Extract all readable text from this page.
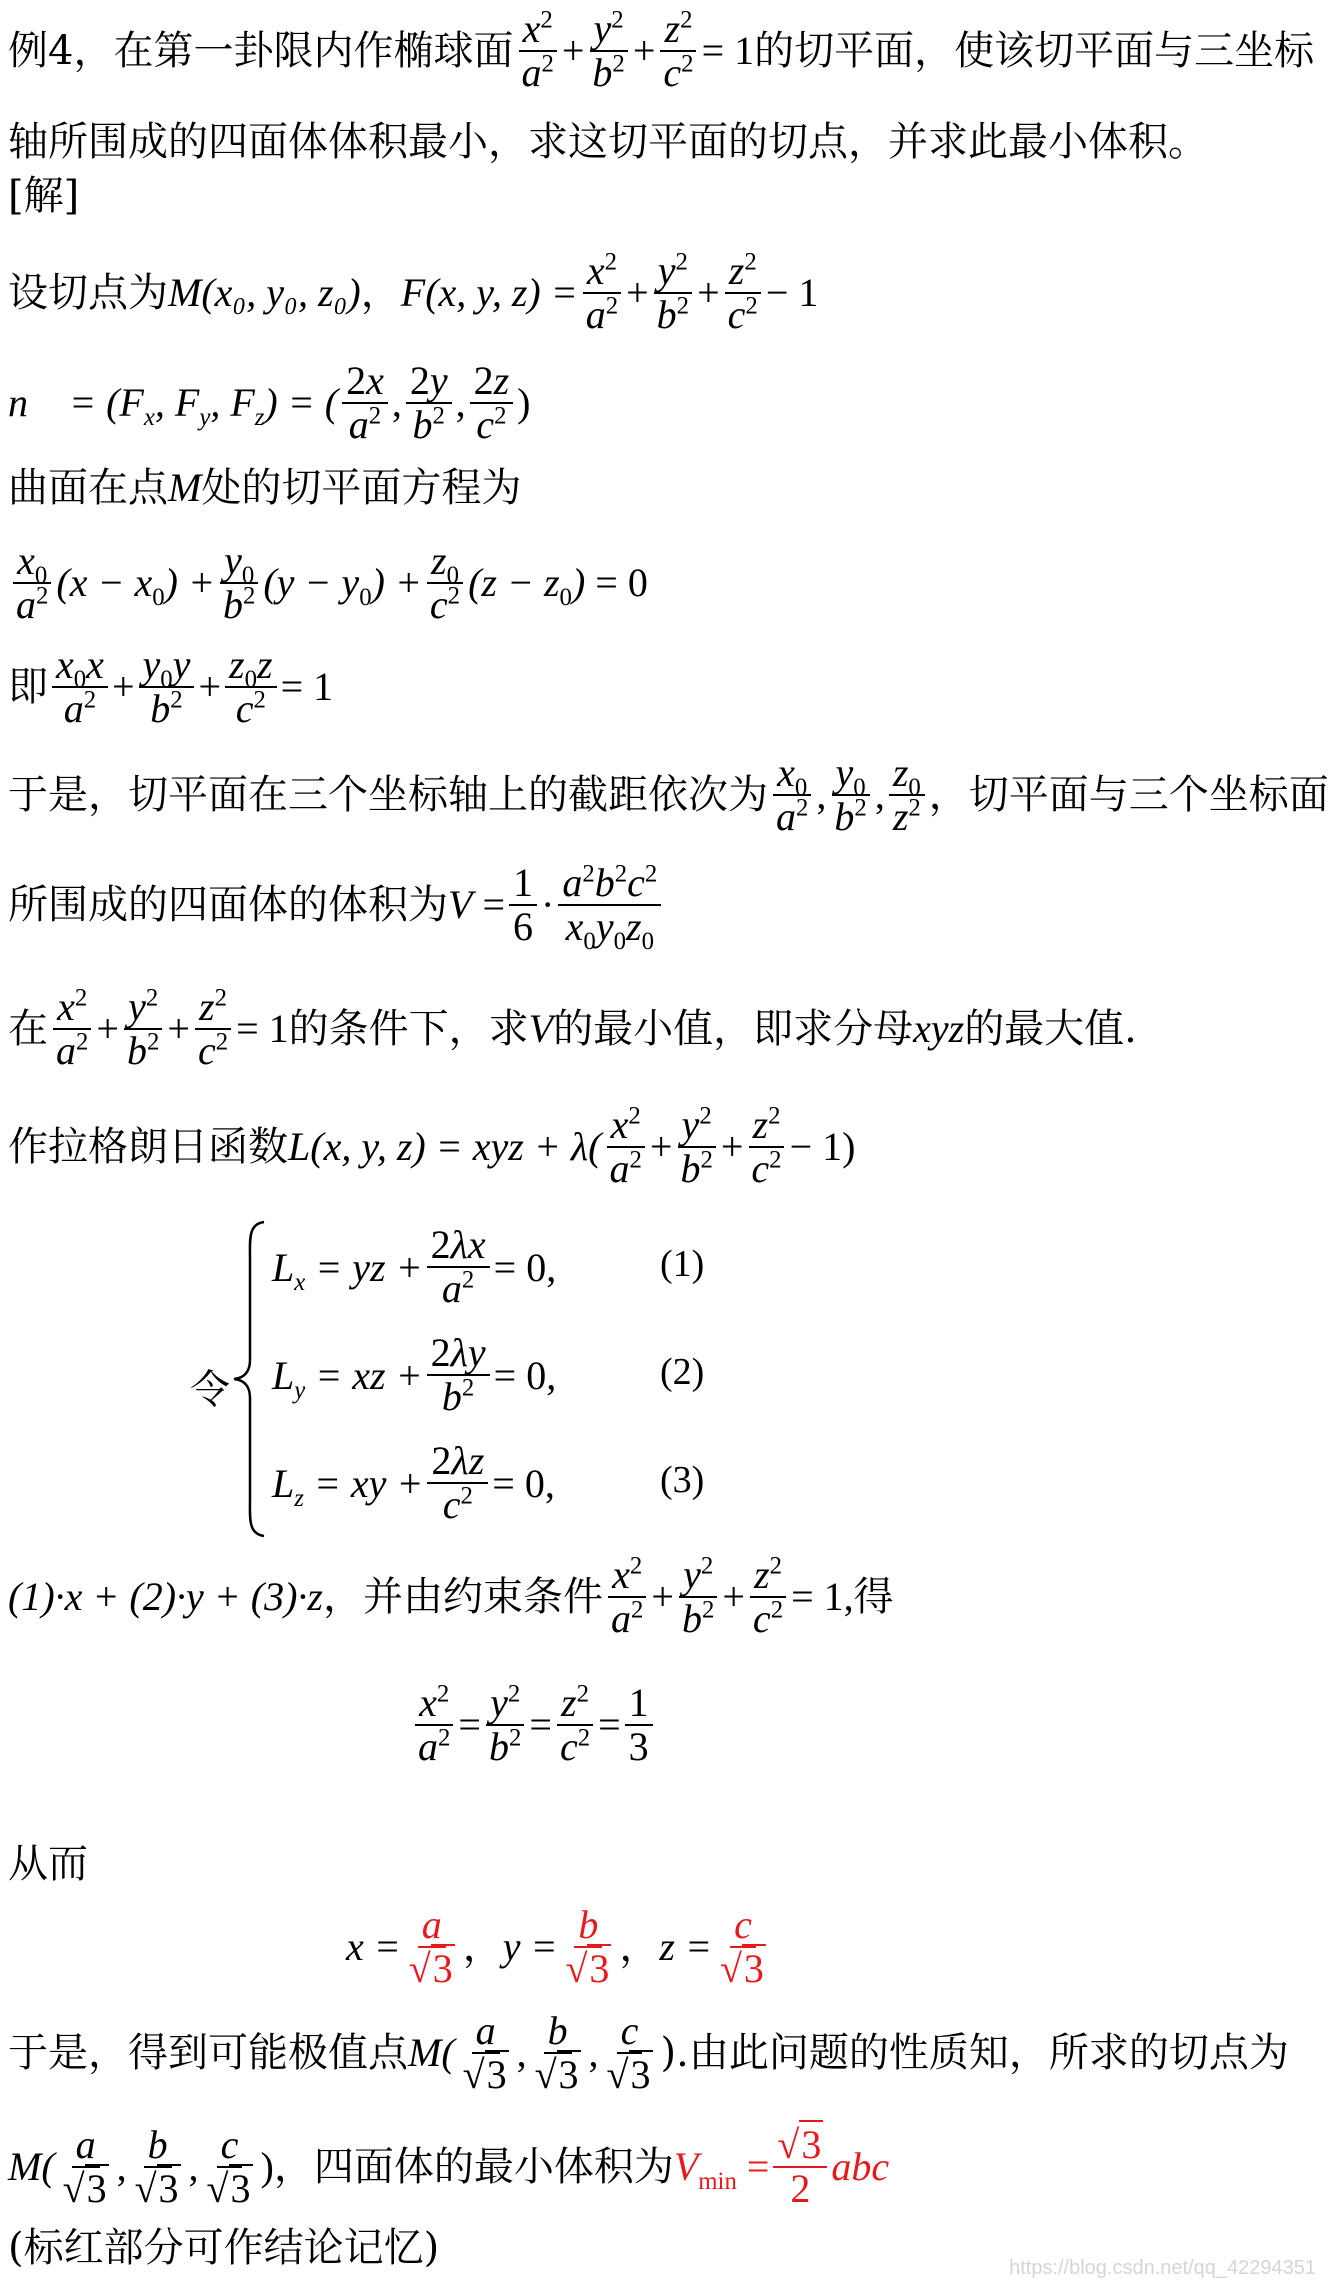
例4 ， 在第一卦限内作椭球面 $\frac{x^2}{a^2} + \frac{y^2}{b^2} + \frac{z^2}{c^2} = 1$ 的切平面，使该切平面与三坐标
轴所围成的四面体体积最小，求这切平面的切点，并求此最小体积。
[解]
设切点为 M(x₀, y₀, z₀) ， F(x, y, $z) = \frac{x^2}{a^2} + \frac{y^2}{b^2} + \frac{z^2}{c^2} - 1$
n⃗ = ($F_x$, $F_y$, $F_z$) = ( $\frac{2x}{a^2}$ , $\frac{2y}{b^2}$ , $\frac{2z}{c^2}$ )
曲面在点 M 处的切平面方程为
$\frac{x_0}{a^2} (x - x_0) + \frac{y_0}{b^2} (y - y_0) + \frac{z_0}{c^2} (z - z_0) = 0$
即 $\frac{x_0x}{a^2} + \frac{y_0y}{b^2} + \frac{z_0z}{c^2} = 1$
于是，切平面在三个坐标轴上的截距依次为 $\frac{x_0}{a^2}$ , $\frac{y_0}{b^2}$ , $\frac{z_0}{z^2}$ ，切平面与三个坐标面
所围成的四面体的体积为 $V = \frac{1}{6} \cdot \frac{a^2b^2c^2}{x_0y_0z_0}$
在 $\frac{x^2}{a^2} + \frac{y^2}{b^2} + \frac{z^2}{c^2} = 1$ 的条件下，求 V 的最小值，即求分母 xyz 的最大值.
作拉格朗日函数 L(x, y, z) = xyz + $\lambda( \frac{x^2}{a^2} + \frac{y^2}{b^2} + \frac{z^2}{c^2} - 1)$
令
$L_x$ = yz + $\frac{2\lambda x}{a^2} = 0$,	(1)
$L_y$ = xz + $\frac{2\lambda y}{b^2} = 0$,	(2)
$L_z$ = xy + $\frac{2\lambda z}{c^2} = 0$,	(3)
(1)·x + (2)·y + (3)·z ，并由约束条件 $\frac{x^2}{a^2} + \frac{y^2}{b^2} + \frac{z^2}{c^2} = 1$,得
$\frac{x^2}{a^2} = \frac{y^2}{b^2} = \frac{z^2}{c^2} = \frac{1}{3}$
从而
$x = \frac{a}{√3}$ ， $y = \frac{b}{√3}$ ， $z = \frac{c}{√3}$
于是，得到可能极值点 $M( \frac{a}{√3}$ , $\frac{b}{√3}$ , $\frac{c}{√3}$ ).由此问题的性质知，所求的切点为
$M( \frac{a}{√3}$ , $\frac{b}{√3}$ , $\frac{c}{√3}$ ) ，四面体的最小体积为 $V_{min}$
= $\frac{√3}{2}$ abc
(标红部分可作结论记忆)	https://blog.csdn.net/qq_42294351
